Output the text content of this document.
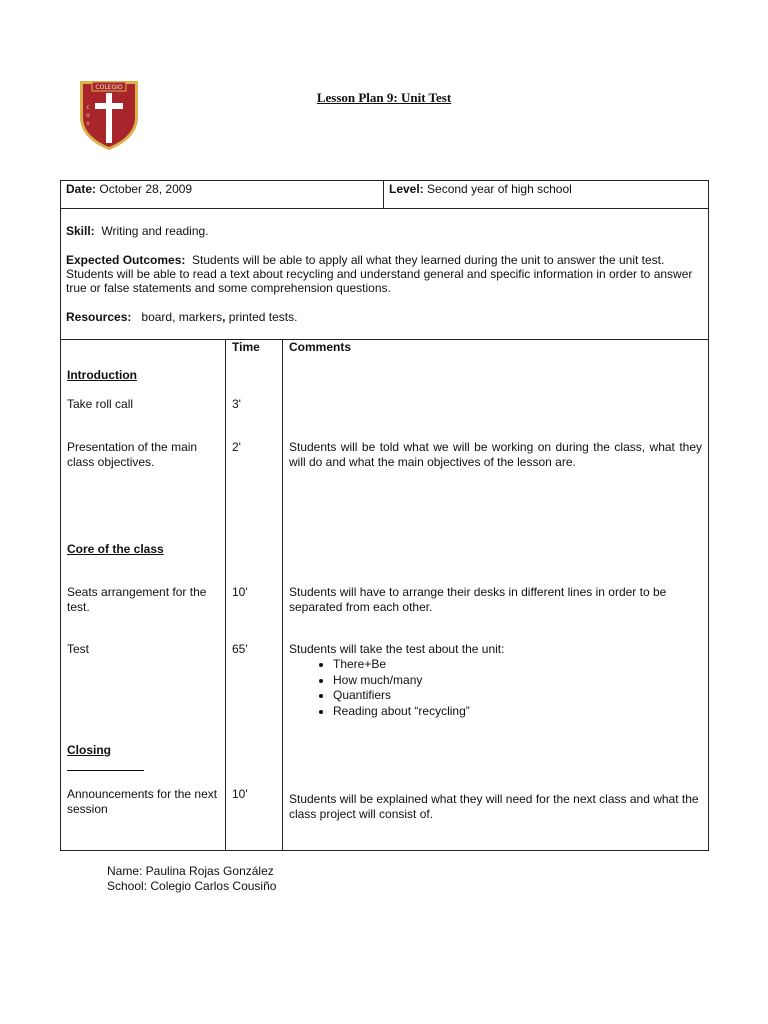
COLEGIO
C
O
U
Lesson Plan 9: Unit Test
Date: October 28, 2009	Level: Second year of high school

Skill: Writing and reading.

Expected Outcomes: Students will be able to apply all what they learned during the unit to answer the unit test. Students will be able to read a text about recycling and understand general and specific information in order to answer true or false statements and some comprehension questions.

Resources: board, markers, printed tests.

Introduction
Take roll call
Presentation of the main class objectives.
Core of the class
Seats arrangement for the test.
Test
Closing
Announcements for the next session
Time
3'
2'
10'
65'
10'
Comments
Students will be told what we will be working on during the class, what they will do and what the main objectives of the lesson are.
Students will have to arrange their desks in different lines in order to be separated from each other.
Students will take the test about the unit:
• There+Be
• How much/many
• Quantifiers
• Reading about “recycling”
Students will be explained what they will need for the next class and what the class project will consist of.
Name: Paulina Rojas González
School: Colegio Carlos Cousiño
